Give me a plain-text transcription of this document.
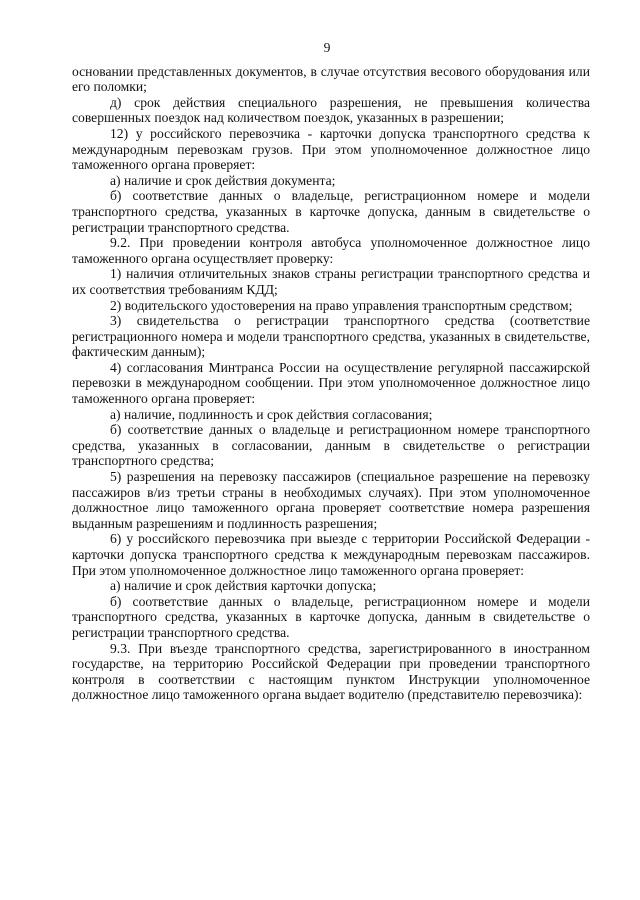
9

основании представленных документов, в случае отсутствия весового оборудования или его поломки;

д) срок действия специального разрешения, не превышения количества совершенных поездок над количеством поездок, указанных в разрешении;

12) у российского перевозчика - карточки допуска транспортного средства к международным перевозкам грузов. При этом уполномоченное должностное лицо таможенного органа проверяет:

а) наличие и срок действия документа;

б) соответствие данных о владельце, регистрационном номере и модели транспортного средства, указанных в карточке допуска, данным в свидетельстве о регистрации транспортного средства.

9.2. При проведении контроля автобуса уполномоченное должностное лицо таможенного органа осуществляет проверку:

1) наличия отличительных знаков страны регистрации транспортного средства и их соответствия требованиям КДД;

2) водительского удостоверения на право управления транспортным средством;

3) свидетельства о регистрации транспортного средства (соответствие регистрационного номера и модели транспортного средства, указанных в свидетельстве, фактическим данным);

4) согласования Минтранса России на осуществление регулярной пассажирской перевозки в международном сообщении. При этом уполномоченное должностное лицо таможенного органа проверяет:

а) наличие, подлинность и срок действия согласования;

б) соответствие данных о владельце и регистрационном номере транспортного средства, указанных в согласовании, данным в свидетельстве о регистрации транспортного средства;

5) разрешения на перевозку пассажиров (специальное разрешение на перевозку пассажиров в/из третьи страны в необходимых случаях). При этом уполномоченное должностное лицо таможенного органа проверяет соответствие номера разрешения выданным разрешениям и подлинность разрешения;

6) у российского перевозчика при выезде с территории Российской Федерации - карточки допуска транспортного средства к международным перевозкам пассажиров. При этом уполномоченное должностное лицо таможенного органа проверяет:

а) наличие и срок действия карточки допуска;

б) соответствие данных о владельце, регистрационном номере и модели транспортного средства, указанных в карточке допуска, данным в свидетельстве о регистрации транспортного средства.

9.3. При въезде транспортного средства, зарегистрированного в иностранном государстве, на территорию Российской Федерации при проведении транспортного контроля в соответствии с настоящим пунктом Инструкции уполномоченное должностное лицо таможенного органа выдает водителю (представителю перевозчика):
